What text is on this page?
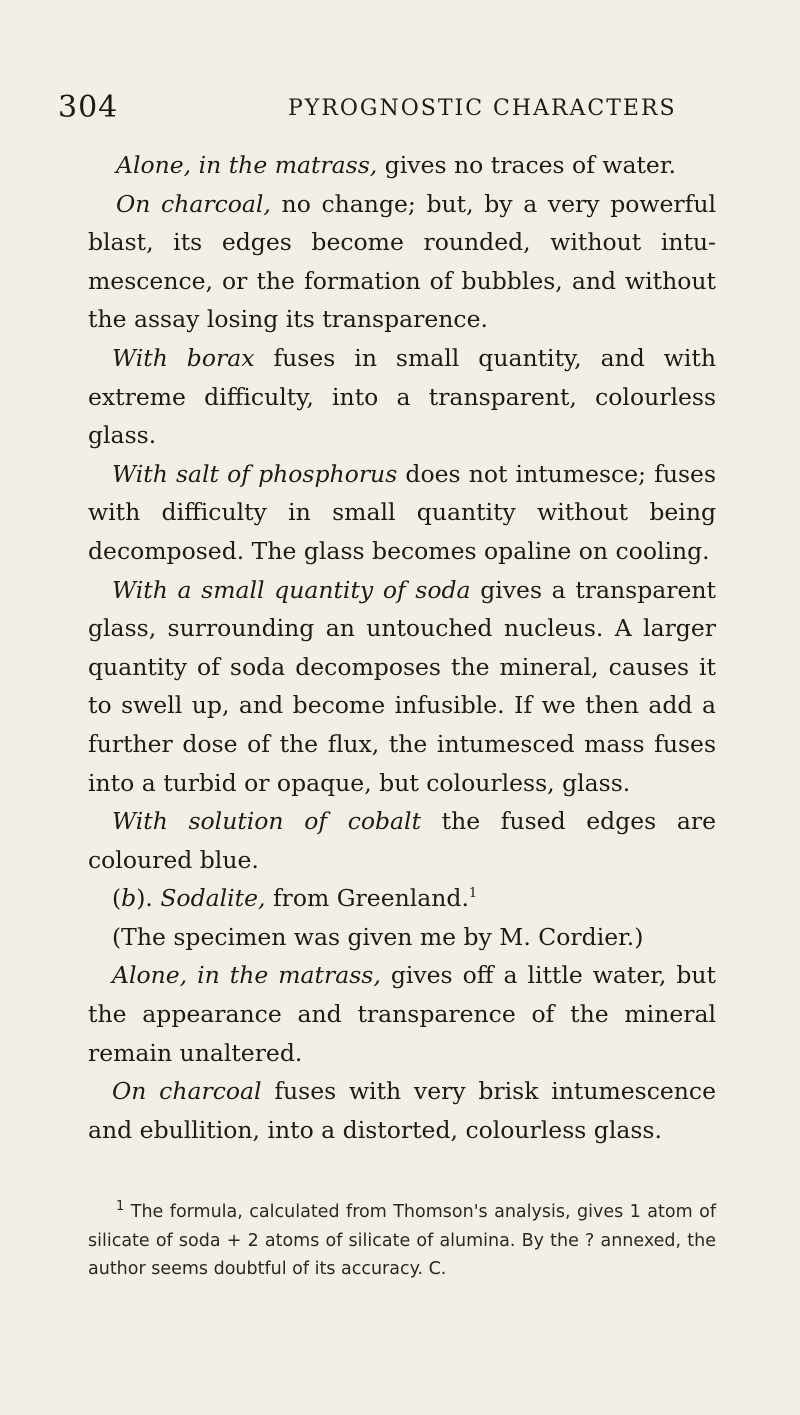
304	PYROGNOSTIC CHARACTERS

Alone, in the matrass, gives no traces of water.

On charcoal, no change; but, by a very powerful blast, its edges become rounded, without intumescence, or the formation of bubbles, and without the assay losing its transparence.

With borax fuses in small quantity, and with extreme difficulty, into a transparent, colourless glass.

With salt of phosphorus does not intumesce; fuses with difficulty in small quantity without being decomposed. The glass becomes opaline on cooling.

With a small quantity of soda gives a transparent glass, surrounding an untouched nucleus. A larger quantity of soda decomposes the mineral, causes it to swell up, and become infusible. If we then add a further dose of the flux, the intumesced mass fuses into a turbid or opaque, but colourless, glass.

With solution of cobalt the fused edges are coloured blue.

(b). Sodalite, from Greenland.$^1$

(The specimen was given me by M. Cordier.)

Alone, in the matrass, gives off a little water, but the appearance and transparence of the mineral remain unaltered.

On charcoal fuses with very brisk intumescence and ebullition, into a distorted, colourless glass.

$^1$ The formula, calculated from Thomson's analysis, gives 1 atom of silicate of soda + 2 atoms of silicate of alumina. By the ? annexed, the author seems doubtful of its accuracy. C.
